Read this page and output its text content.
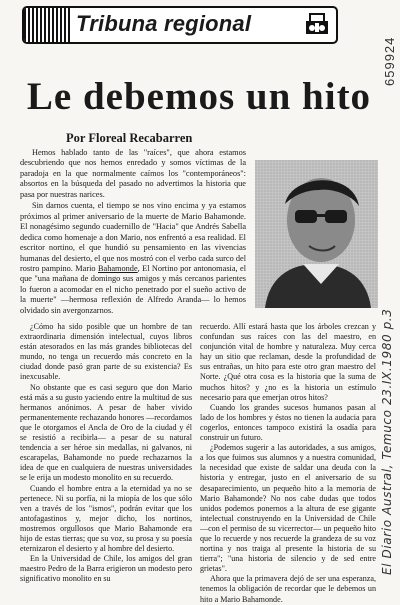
Tribuna regional
659924
El Diario Austral, Temuco 23.IX.1980 p.3
Le debemos un hito
Por Floreal Recabarren

Hemos hablado tanto de las "raíces", que ahora estamos descubriendo que nos hemos enredado y somos víctimas de la paradoja en la que normalmente caímos los "contemporáneos": absortos en la búsqueda del pasado no advertimos la historia que pasa por nuestras narices.

Sin darnos cuenta, el tiempo se nos vino encima y ya estamos próximos al primer aniversario de la muerte de Mario Bahamonde. El nonagésimo segundo cuadernillo de "Hacia" que Andrés Sabella dedica como homenaje a don Mario, nos enfrentó a esa realidad. El escritor nortino, el que hundió su pensamiento en las vivencias humanas del desierto, el que nos mostró con el verbo cada surco del rostro pampino. Mario Bahamonde, El Nortino por antonomasia, el que "una mañana de domingo sus amigos y más cercanos parientes lo fueron a acomodar en el nicho penetrado por el sueño activo de la muerte" —hermosa reflexión de Alfredo Aranda— lo hemos olvidado sin avergonzarnos.

¿Cómo ha sido posible que un hombre de tan extraordinaria dimensión intelectual, cuyos libros están atesorados en las más grandes bibliotecas del mundo, no tenga un recuerdo más concreto en la ciudad donde pasó gran parte de su existencia? Es inexcusable.

No obstante que es casi seguro que don Mario está más a su gusto yaciendo entre la multitud de sus hermanos anónimos. A pesar de haber vivido permanentemente rechazando honores —recordamos que le otorgamos el Ancla de Oro de la ciudad y él se resistió a recibirla— a pesar de su natural tendencia a ser héroe sin medallas, ni galvanos, ni escarapelas, Bahamonde no puede rechazarnos la idea de que en cualquiera de nuestras universidades se le erija un modesto monolito en su recuerdo.

Cuando el hombre entra a la eternidad ya no se pertenece. Ni su porfía, ni la miopía de los que sólo ven a través de los "ismos", podrán evitar que los antofagastinos y, mejor dicho, los nortinos, mostremos orgullosos que Mario Bahamonde era hijo de estas tierras; que su voz, su prosa y su poesía eternizaron el desierto y al hombre del desierto.

En la Universidad de Chile, los amigos del gran maestro Pedro de la Barra erigieron un modesto pero significativo monolito en su

recuerdo. Allí estará hasta que los árboles crezcan y confundan sus raíces con las del maestro, en conjunción vital de hombre y naturaleza. Muy cerca hay un sitio que reclaman, desde la profundidad de sus entrañas, un hito para este otro gran maestro del Norte. ¿Qué otra cosa es la historia que la suma de muchos hitos? y ¿no es la historia un estímulo necesario para que emerjan otros hitos?

Cuando los grandes sucesos humanos pasan al lado de los hombres y éstos no tienen la audacia para cogerlos, entonces tampoco existirá la osadía para construir un futuro.

¿Podemos sugerir a las autoridades, a sus amigos, a los que fuimos sus alumnos y a nuestra comunidad, la necesidad que existe de saldar una deuda con la historia y entregar, justo en el aniversario de su desaparecimiento, un pequeño hito a la memoria de Mario Bahamonde? No nos cabe dudas que todos unidos podemos ponernos a la altura de ese gigante intelectual construyendo en la Universidad de Chile —con el permiso de su vicerrector— un pequeño hito que lo recuerde y nos recuerde la grandeza de su voz nortina y nos traiga al presente la historia de su tierra"; "una historia de silencio y de sed entre grietas".

Ahora que la primavera dejó de ser una esperanza, tenemos la obligación de recordar que le debemos un hito a Mario Bahamonde.
